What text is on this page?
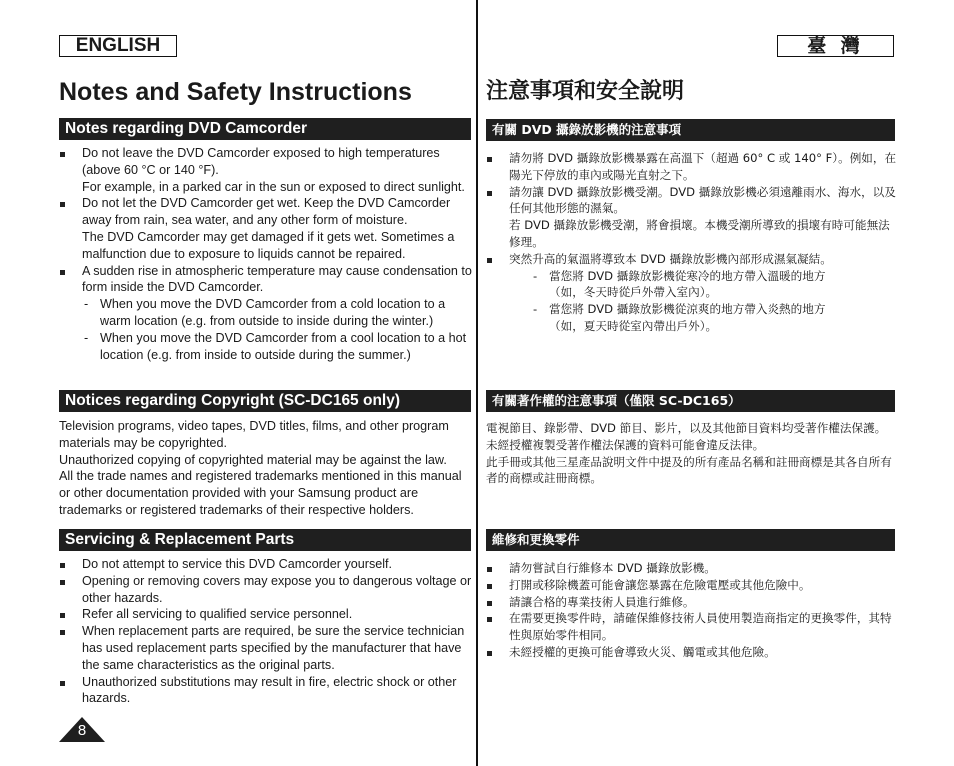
ENGLISH	臺 灣
Notes and Safety Instructions	注意事項和安全說明
Notes regarding DVD Camcorder

Do not leave the DVD Camcorder exposed to high temperatures (above 60 °C or 140 °F).

For example, in a parked car in the sun or exposed to direct sunlight.

Do not let the DVD Camcorder get wet. Keep the DVD Camcorder away from rain, sea water, and any other form of moisture.

The DVD Camcorder may get damaged if it gets wet. Sometimes a malfunction due to exposure to liquids cannot be repaired.

A sudden rise in atmospheric temperature may cause condensation to form inside the DVD Camcorder.

- When you move the DVD Camcorder from a cold location to a warm location (e.g. from outside to inside during the winter.)
- When you move the DVD Camcorder from a cool location to a hot location (e.g. from inside to outside during the summer.)
Notices regarding Copyright (SC-DC165 only)

Television programs, video tapes, DVD titles, films, and other program materials may be copyrighted.

Unauthorized copying of copyrighted material may be against the law.

All the trade names and registered trademarks mentioned in this manual or other documentation provided with your Samsung product are trademarks or registered trademarks of their respective holders.

Servicing & Replacement Parts
Do not attempt to service this DVD Camcorder yourself.
Opening or removing covers may expose you to dangerous voltage or other hazards.
Refer all servicing to qualified service personnel.
When replacement parts are required, be sure the service technician has used replacement parts specified by the manufacturer that have the same characteristics as the original parts.
Unauthorized substitutions may result in fire, electric shock or other hazards.
有關 DVD 攝錄放影機的注意事項
請勿將 DVD 攝錄放影機暴露在高溫下（超過 60° C 或 140° F）。例如，在陽光下停放的車內或陽光直射之下。

請勿讓 DVD 攝錄放影機受潮。DVD 攝錄放影機必須遠離雨水、海水，以及任何其他形態的濕氣。

若 DVD 攝錄放影機受潮，將會損壞。本機受潮所導致的損壞有時可能無法修理。

突然升高的氣溫將導致本 DVD 攝錄放影機內部形成濕氣凝結。

- 當您將 DVD 攝錄放影機從寒冷的地方帶入溫暖的地方

（如，冬天時從戶外帶入室內）。

- 當您將 DVD 攝錄放影機從涼爽的地方帶入炎熱的地方

（如，夏天時從室內帶出戶外）。

有關著作權的注意事項（僅限 SC-DC165）

電視節目、錄影帶、DVD 節目、影片，以及其他節目資料均受著作權法保護。

未經授權複製受著作權法保護的資料可能會違反法律。

此手冊或其他三星產品說明文件中提及的所有產品名稱和註冊商標是其各自所有者的商標或註冊商標。

維修和更換零件
請勿嘗試自行維修本 DVD 攝錄放影機。
打開或移除機蓋可能會讓您暴露在危險電壓或其他危險中。
請讓合格的專業技術人員進行維修。
在需要更換零件時，請確保維修技術人員使用製造商指定的更換零件，其特性與原始零件相同。
未經授權的更換可能會導致火災、觸電或其他危險。
8
